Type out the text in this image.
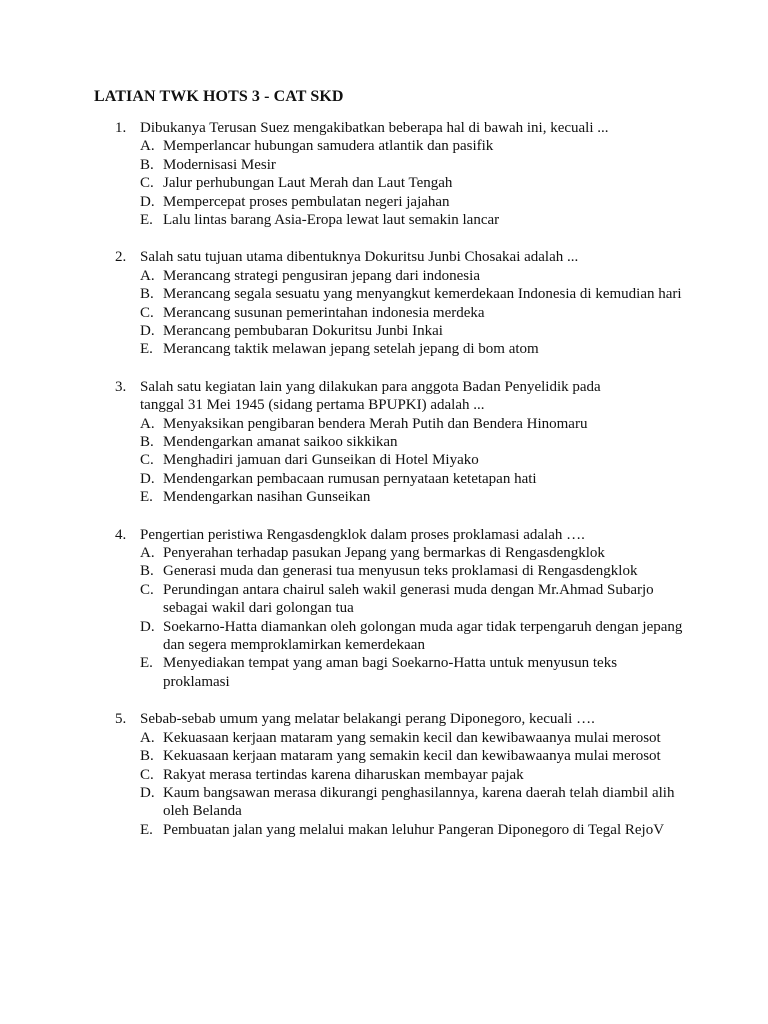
LATIAN TWK HOTS 3 - CAT SKD
1. Dibukanya Terusan Suez mengakibatkan beberapa hal di bawah ini, kecuali ...
A. Memperlancar hubungan samudera atlantik dan pasifik
B. Modernisasi Mesir
C. Jalur perhubungan Laut Merah dan Laut Tengah
D. Mempercepat proses pembulatan negeri jajahan
E. Lalu lintas barang Asia-Eropa lewat laut semakin lancar
2. Salah satu tujuan utama dibentuknya Dokuritsu Junbi Chosakai adalah ...
A. Merancang strategi pengusiran jepang dari indonesia
B. Merancang segala sesuatu yang menyangkut kemerdekaan Indonesia di kemudian hari
C. Merancang susunan pemerintahan indonesia merdeka
D. Merancang pembubaran Dokuritsu Junbi Inkai
E. Merancang taktik melawan jepang setelah jepang di bom atom
3. Salah satu kegiatan lain yang dilakukan para anggota Badan Penyelidik pada
tanggal 31 Mei 1945 (sidang pertama BPUPKI) adalah ...
A. Menyaksikan pengibaran bendera Merah Putih dan Bendera Hinomaru
B. Mendengarkan amanat saikoo sikkikan
C. Menghadiri jamuan dari Gunseikan di Hotel Miyako
D. Mendengarkan pembacaan rumusan pernyataan ketetapan hati
E. Mendengarkan nasihan Gunseikan
4. Pengertian peristiwa Rengasdengklok dalam proses proklamasi adalah ….
A. Penyerahan terhadap pasukan Jepang yang bermarkas di Rengasdengklok
B. Generasi muda dan generasi tua menyusun teks proklamasi di Rengasdengklok
C. Perundingan antara chairul saleh wakil generasi muda dengan Mr.Ahmad Subarjo sebagai wakil dari golongan tua
D. Soekarno-Hatta diamankan oleh golongan muda agar tidak terpengaruh dengan jepang dan segera memproklamirkan kemerdekaan
E. Menyediakan tempat yang aman bagi Soekarno-Hatta untuk menyusun teks proklamasi
5. Sebab-sebab umum yang melatar belakangi perang Diponegoro, kecuali ….
A. Kekuasaan kerjaan mataram yang semakin kecil dan kewibawaanya mulai merosot
B. Kekuasaan kerjaan mataram yang semakin kecil dan kewibawaanya mulai merosot
C. Rakyat merasa tertindas karena diharuskan membayar pajak
D. Kaum bangsawan merasa dikurangi penghasilannya, karena daerah telah diambil alih oleh Belanda
E. Pembuatan jalan yang melalui makan leluhur Pangeran Diponegoro di Tegal RejoV
